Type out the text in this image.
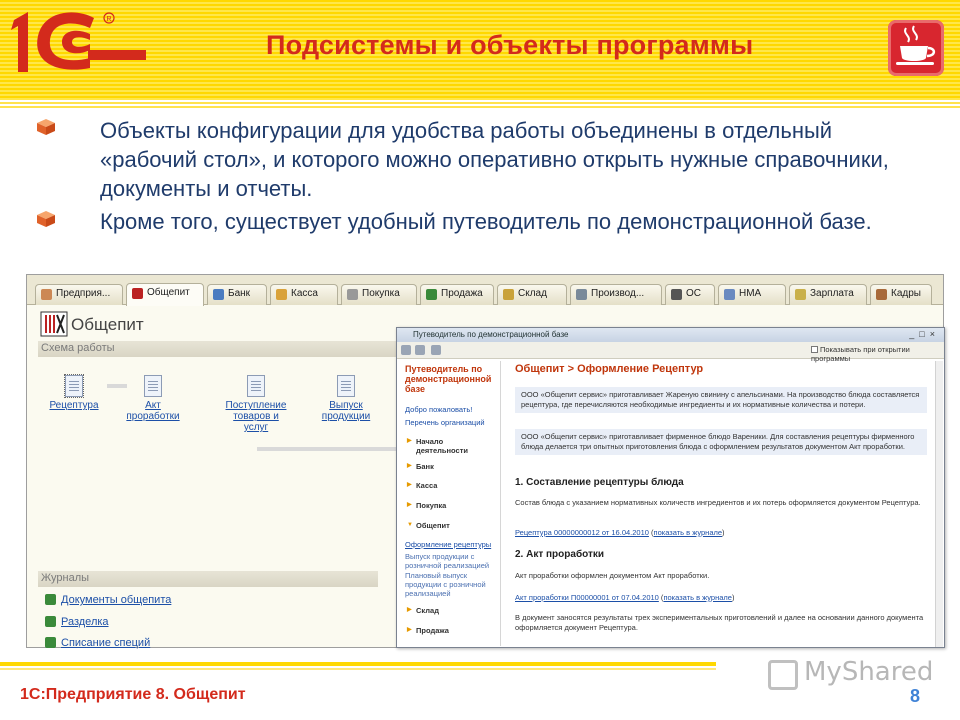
R
Подсистемы и объекты программы
Объекты конфигурации для удобства работы объединены в отдельный «рабочий стол», и которого можно оперативно открыть нужные справочники, документы и отчеты.
Кроме того, существует удобный путеводитель по демонстрационной базе.
Предприя...	Общепит	Банк	Касса	Покупка	Продажа	Склад	Производ...	ОС	НМА	Зарплата	Кадры
Общепит
Схема работы
Рецептура	Акт проработки
Поступление товаров и услуг
Выпуск продукции
Журналы
Документы общепита
Разделка
Списание специй
Путеводитель по демонстрационной базе	_□×
Показывать при открытии программы
Путеводитель по демонстрационной базе
Добро пожаловать!
Перечень организаций
▶ Начало деятельности
▶ Банк
▶ Касса
▶ Покупка
▼ Общепит
Оформление рецептуры
Выпуск продукции с розничной реализацией
Плановый выпуск продукции с розничной реализацией
▶ Склад
▶ Продажа
Общепит > Оформление Рецептур
ООО «Общепит сервис» приготавливает Жареную свинину с апельсинами. На производство блюда составляется рецептура, где перечисляются необходимые ингредиенты и их нормативные количества и потери.
ООО «Общепит сервис» приготавливает фирменное блюдо Вареники. Для составления рецептуры фирменного блюда делается три опытных приготовления блюда с оформлением результатов документом Акт проработки.
1. Составление рецептуры блюда
Состав блюда с указанием нормативных количеств ингредиентов и их потерь оформляется документом Рецептура.
Рецептура 00000000012 от 16.04.2010 (показать в журнале)
2. Акт проработки
Акт проработки оформлен документом Акт проработки.
Акт проработки П00000001 от 07.04.2010 (показать в журнале)
В документ заносятся результаты трех экспериментальных приготовлений и далее на основании данного документа оформляется документ Рецептура.
1С:Предприятие 8. Общепит
MyShared
8
